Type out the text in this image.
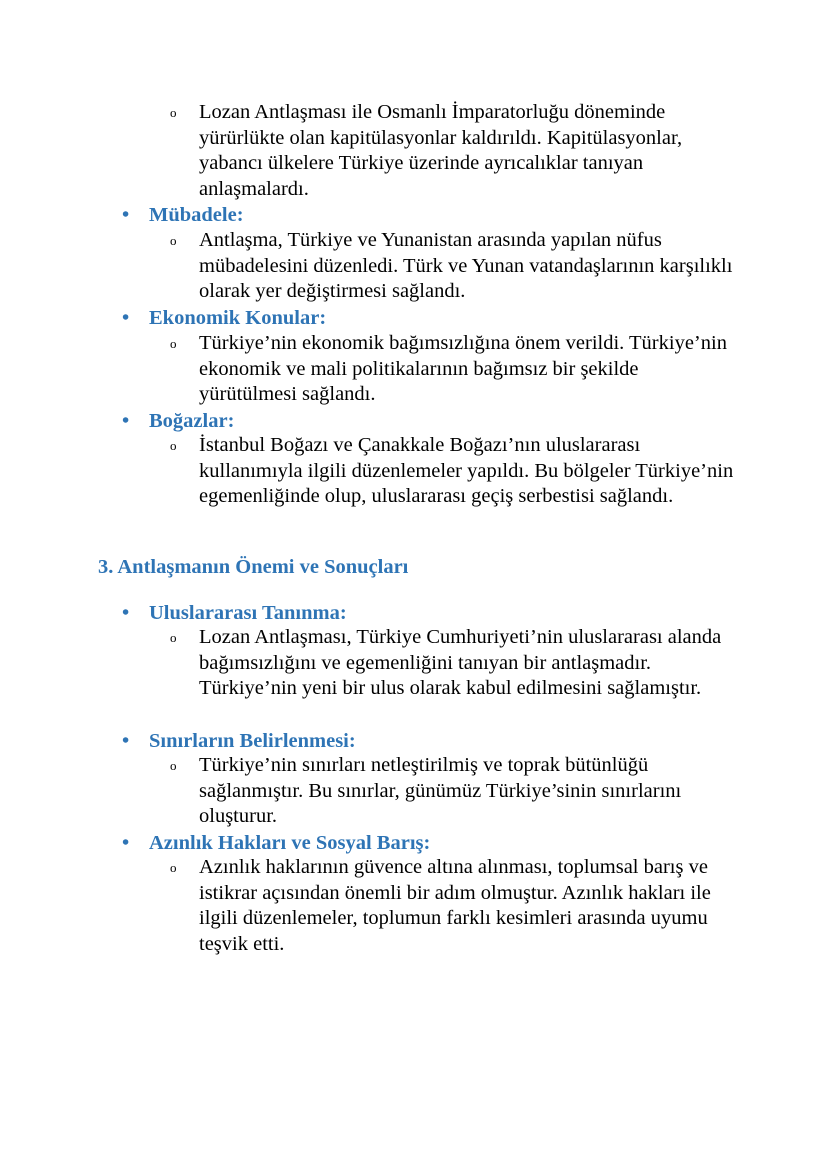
o	Lozan Antlaşması ile Osmanlı İmparatorluğu döneminde yürürlükte olan kapitülasyonlar kaldırıldı. Kapitülasyonlar, yabancı ülkelere Türkiye üzerinde ayrıcalıklar tanıyan anlaşmalardı.
• Mübadele:
o	Antlaşma, Türkiye ve Yunanistan arasında yapılan nüfus mübadelesini düzenledi. Türk ve Yunan vatandaşlarının karşılıklı olarak yer değiştirmesi sağlandı.
• Ekonomik Konular:
o	Türkiye’nin ekonomik bağımsızlığına önem verildi. Türkiye’nin ekonomik ve mali politikalarının bağımsız bir şekilde yürütülmesi sağlandı.
• Boğazlar:
o	İstanbul Boğazı ve Çanakkale Boğazı’nın uluslararası kullanımıyla ilgili düzenlemeler yapıldı. Bu bölgeler Türkiye’nin egemenliğinde olup, uluslararası geçiş serbestisi sağlandı.
3. Antlaşmanın Önemi ve Sonuçları
• Uluslararası Tanınma:
o	Lozan Antlaşması, Türkiye Cumhuriyeti’nin uluslararası alanda bağımsızlığını ve egemenliğini tanıyan bir antlaşmadır. Türkiye’nin yeni bir ulus olarak kabul edilmesini sağlamıştır.
• Sınırların Belirlenmesi:
o	Türkiye’nin sınırları netleştirilmiş ve toprak bütünlüğü sağlanmıştır. Bu sınırlar, günümüz Türkiye’sinin sınırlarını oluşturur.
• Azınlık Hakları ve Sosyal Barış:
o	Azınlık haklarının güvence altına alınması, toplumsal barış ve istikrar açısından önemli bir adım olmuştur. Azınlık hakları ile ilgili düzenlemeler, toplumun farklı kesimleri arasında uyumu teşvik etti.
